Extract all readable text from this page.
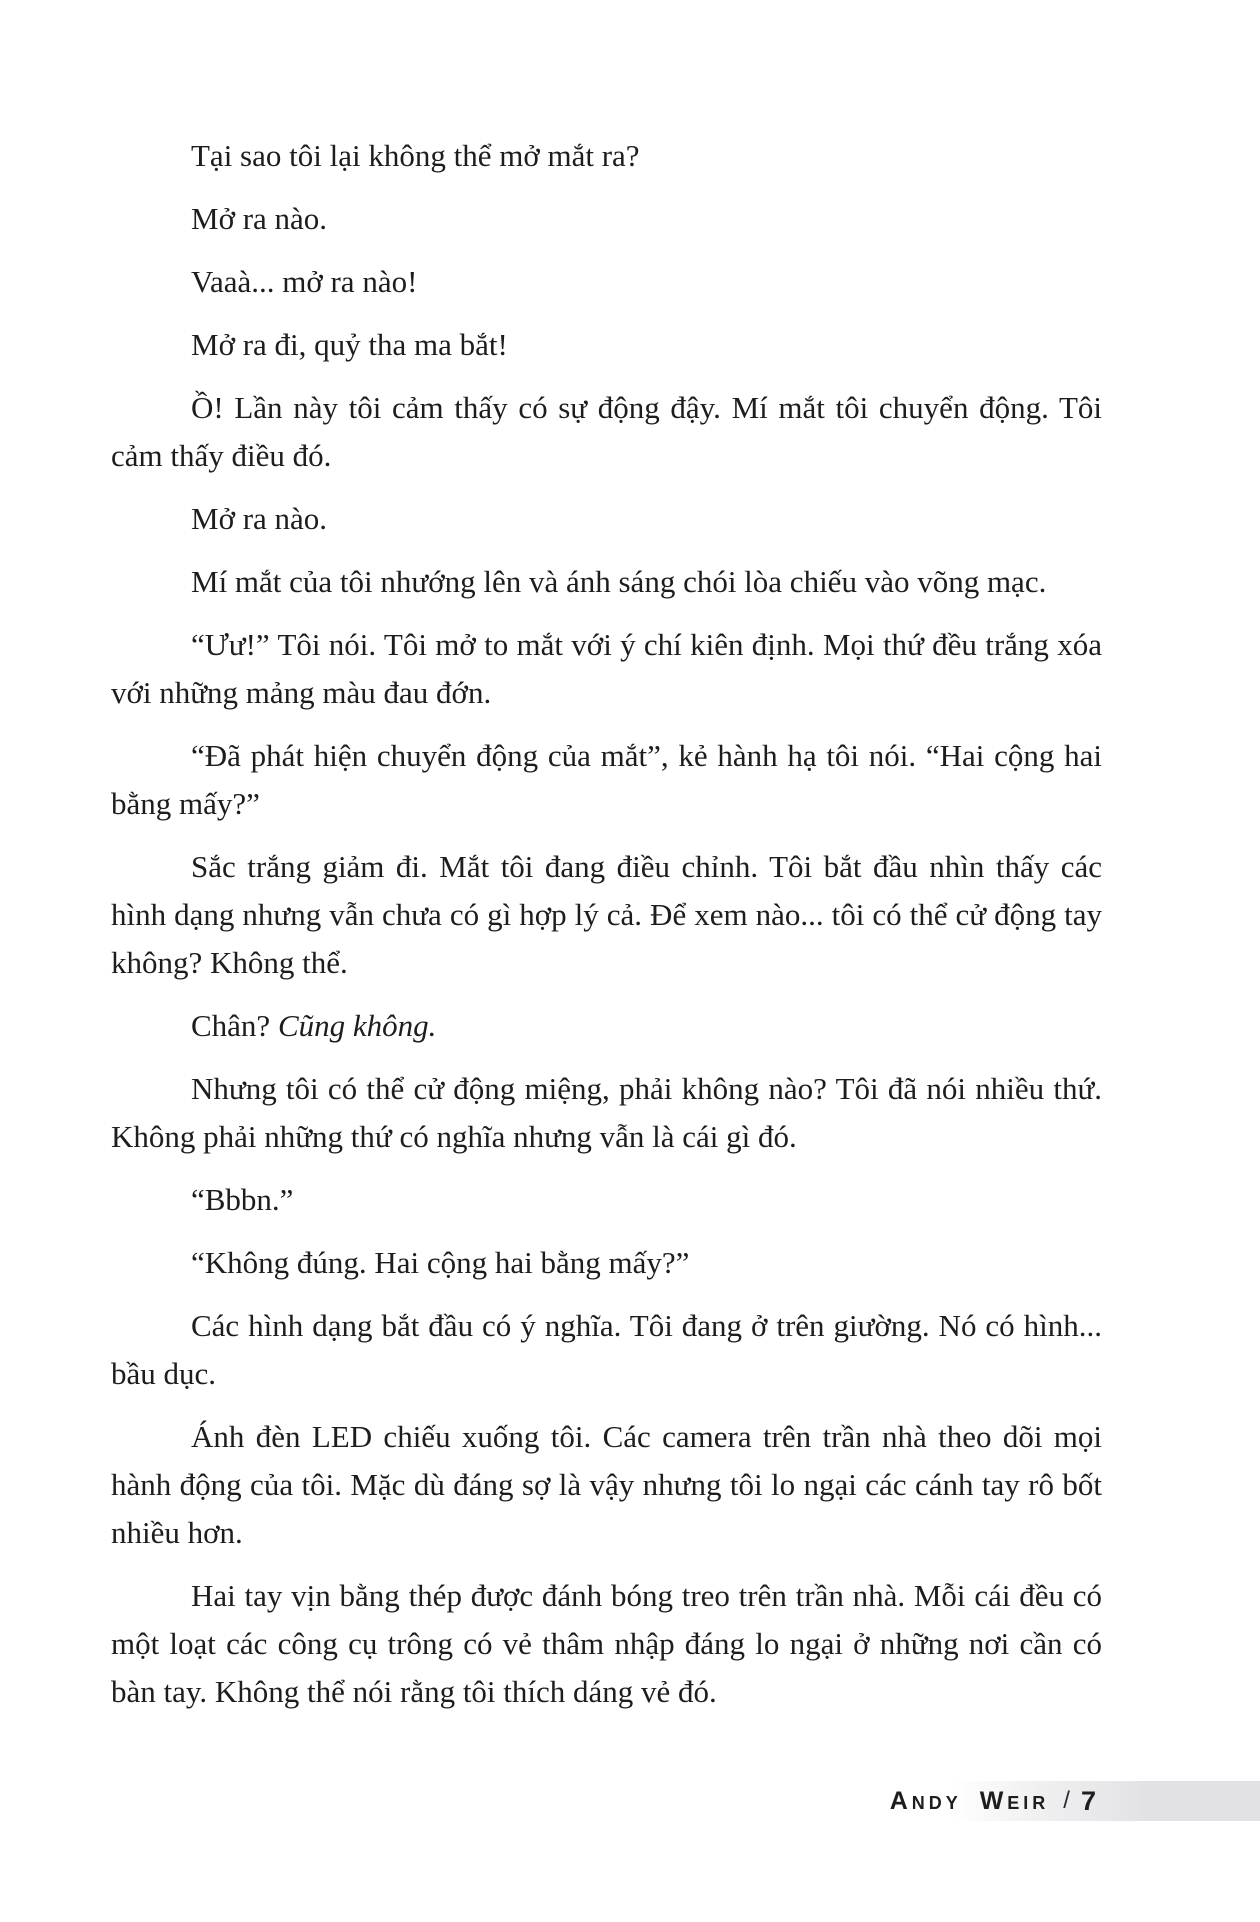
Tại sao tôi lại không thể mở mắt ra?

Mở ra nào.

Vaaà... mở ra nào!

Mở ra đi, quỷ tha ma bắt!

Ồ! Lần này tôi cảm thấy có sự động đậy. Mí mắt tôi chuyển động. Tôi cảm thấy điều đó.

Mở ra nào.

Mí mắt của tôi nhướng lên và ánh sáng chói lòa chiếu vào võng mạc.

“Ưư!” Tôi nói. Tôi mở to mắt với ý chí kiên định. Mọi thứ đều trắng xóa với những mảng màu đau đớn.

“Đã phát hiện chuyển động của mắt”, kẻ hành hạ tôi nói. “Hai cộng hai bằng mấy?”

Sắc trắng giảm đi. Mắt tôi đang điều chỉnh. Tôi bắt đầu nhìn thấy các hình dạng nhưng vẫn chưa có gì hợp lý cả. Để xem nào... tôi có thể cử động tay không? Không thể.

Chân? Cũng không.

Nhưng tôi có thể cử động miệng, phải không nào? Tôi đã nói nhiều thứ. Không phải những thứ có nghĩa nhưng vẫn là cái gì đó.

“Bbbn.”

“Không đúng. Hai cộng hai bằng mấy?”

Các hình dạng bắt đầu có ý nghĩa. Tôi đang ở trên giường. Nó có hình... bầu dục.

Ánh đèn LED chiếu xuống tôi. Các camera trên trần nhà theo dõi mọi hành động của tôi. Mặc dù đáng sợ là vậy nhưng tôi lo ngại các cánh tay rô bốt nhiều hơn.

Hai tay vịn bằng thép được đánh bóng treo trên trần nhà. Mỗi cái đều có một loạt các công cụ trông có vẻ thâm nhập đáng lo ngại ở những nơi cần có bàn tay. Không thể nói rằng tôi thích dáng vẻ đó.

Andy Weir / 7
